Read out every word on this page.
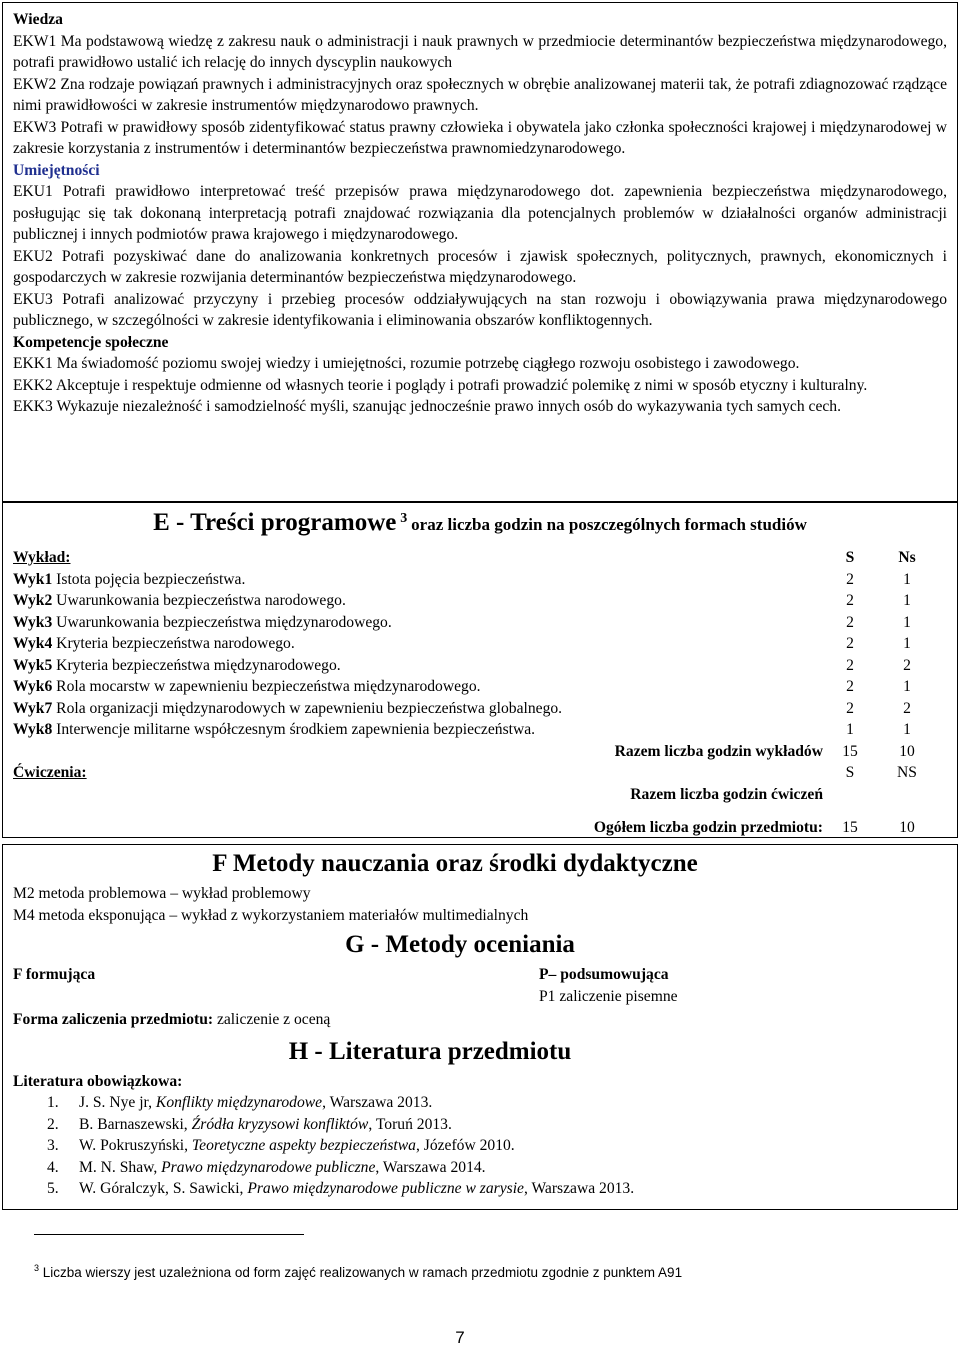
Wiedza
EKW1 Ma podstawową wiedzę z zakresu nauk o administracji i nauk prawnych w przedmiocie determinantów bezpieczeństwa międzynarodowego, potrafi prawidłowo ustalić ich relację do innych dyscyplin naukowych
EKW2 Zna rodzaje powiązań prawnych i administracyjnych oraz społecznych w obrębie analizowanej materii tak, że potrafi zdiagnozować rządzące nimi prawidłowości w zakresie instrumentów międzynarodowo prawnych.
EKW3 Potrafi w prawidłowy sposób zidentyfikować status prawny człowieka i obywatela jako członka społeczności krajowej i międzynarodowej w zakresie korzystania z instrumentów i determinantów bezpieczeństwa prawnomiedzynarodowego.
Umiejętności
EKU1 Potrafi prawidłowo interpretować treść przepisów prawa międzynarodowego dot. zapewnienia bezpieczeństwa międzynarodowego, posługując się tak dokonaną interpretacją potrafi znajdować rozwiązania dla potencjalnych problemów w działalności organów administracji publicznej i innych podmiotów prawa krajowego i międzynarodowego.
EKU2 Potrafi pozyskiwać dane do analizowania konkretnych procesów i zjawisk społecznych, politycznych, prawnych, ekonomicznych i gospodarczych w zakresie rozwijania determinantów bezpieczeństwa międzynarodowego.
EKU3 Potrafi analizować przyczyny i przebieg procesów oddziaływujących na stan rozwoju i obowiązywania prawa międzynarodowego publicznego, w szczególności w zakresie identyfikowania i eliminowania obszarów konfliktogennych.
Kompetencje społeczne
EKK1 Ma świadomość poziomu swojej wiedzy i umiejętności, rozumie potrzebę ciągłego rozwoju osobistego i zawodowego.
EKK2 Akceptuje i respektuje odmienne od własnych teorie i poglądy i potrafi prowadzić polemikę z nimi w sposób etyczny i kulturalny.
EKK3 Wykazuje niezależność i samodzielność myśli, szanując jednocześnie prawo innych osób do wykazywania tych samych cech.
E - Treści programowe $^3$ oraz liczba godzin na poszczególnych formach studiów
Wykład:	S	Ns
Wyk1 Istota pojęcia bezpieczeństwa.	2	1
Wyk2 Uwarunkowania bezpieczeństwa narodowego.	2	1
Wyk3 Uwarunkowania bezpieczeństwa międzynarodowego.	2	1
Wyk4 Kryteria bezpieczeństwa narodowego.	2	1
Wyk5 Kryteria bezpieczeństwa międzynarodowego.	2	2
Wyk6 Rola mocarstw w zapewnieniu bezpieczeństwa międzynarodowego.	2	1
Wyk7 Rola organizacji międzynarodowych w zapewnieniu bezpieczeństwa globalnego.	2	2
Wyk8 Interwencje militarne współczesnym środkiem zapewnienia bezpieczeństwa.	1	1
Razem liczba godzin wykładów	15	10
Ćwiczenia:	S	NS
Razem liczba godzin ćwiczeń
Ogółem liczba godzin przedmiotu:	15	10
F Metody nauczania oraz środki dydaktyczne
M2 metoda problemowa – wykład problemowy
M4 metoda eksponująca – wykład z wykorzystaniem materiałów multimedialnych
G - Metody oceniania
F formująca	P– podsumowująca
P1 zaliczenie pisemne
Forma zaliczenia przedmiotu: zaliczenie z oceną
H - Literatura przedmiotu
Literatura obowiązkowa:
1.	J. S. Nye jr, Konflikty międzynarodowe, Warszawa 2013.
2.	B. Barnaszewski, Źródła kryzysowi konfliktów, Toruń 2013.
3.	W. Pokruszyński, Teoretyczne aspekty bezpieczeństwa, Józefów 2010.
4.	M. N. Shaw, Prawo międzynarodowe publiczne, Warszawa 2014.
5.	W. Góralczyk, S. Sawicki, Prawo międzynarodowe publiczne w zarysie, Warszawa 2013.
$^3$ Liczba wierszy jest uzależniona od form zajęć realizowanych w ramach przedmiotu zgodnie z punktem A91
7
